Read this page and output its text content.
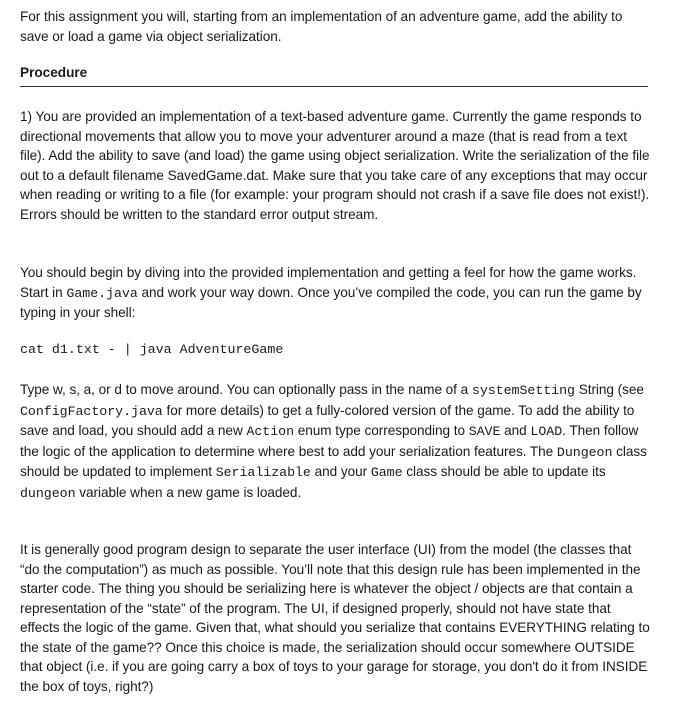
For this assignment you will, starting from an implementation of an adventure game, add the ability to save or load a game via object serialization.
Procedure
1) You are provided an implementation of a text-based adventure game. Currently the game responds to directional movements that allow you to move your adventurer around a maze (that is read from a text file). Add the ability to save (and load) the game using object serialization. Write the serialization of the file out to a default filename SavedGame.dat. Make sure that you take care of any exceptions that may occur when reading or writing to a file (for example: your program should not crash if a save file does not exist!). Errors should be written to the standard error output stream.
You should begin by diving into the provided implementation and getting a feel for how the game works. Start in Game.java and work your way down. Once you’ve compiled the code, you can run the game by typing in your shell:
cat d1.txt - | java AdventureGame
Type w, s, a, or d to move around. You can optionally pass in the name of a systemSetting String (see ConfigFactory.java for more details) to get a fully-colored version of the game. To add the ability to save and load, you should add a new Action enum type corresponding to SAVE and LOAD. Then follow the logic of the application to determine where best to add your serialization features. The Dungeon class should be updated to implement Serializable and your Game class should be able to update its dungeon variable when a new game is loaded.
It is generally good program design to separate the user interface (UI) from the model (the classes that “do the computation”) as much as possible. You’ll note that this design rule has been implemented in the starter code. The thing you should be serializing here is whatever the object / objects are that contain a representation of the “state” of the program. The UI, if designed properly, should not have state that effects the logic of the game. Given that, what should you serialize that contains EVERYTHING relating to the state of the game?? Once this choice is made, the serialization should occur somewhere OUTSIDE that object (i.e. if you are going carry a box of toys to your garage for storage, you don't do it from INSIDE the box of toys, right?)
